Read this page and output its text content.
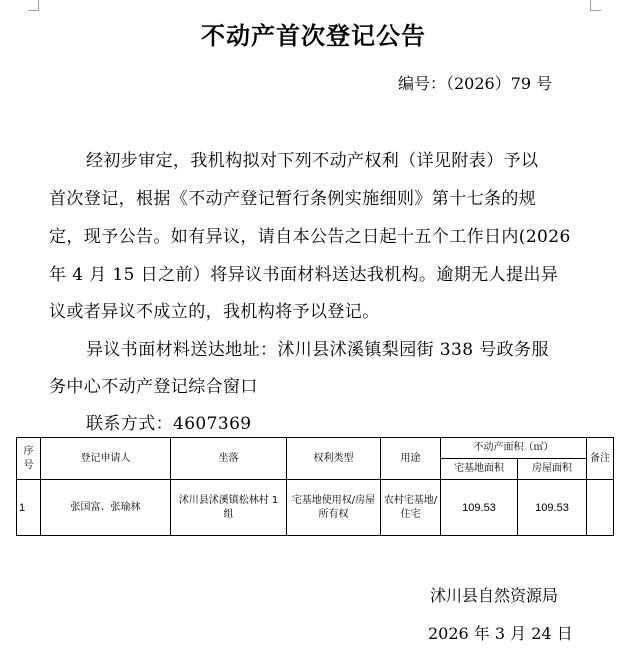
不动产首次登记公告
编号：（2026）79 号
经初步审定，我机构拟对下列不动产权利（详见附表）予以
首次登记，根据《不动产登记暂行条例实施细则》第十七条的规
定，现予公告。如有异议，请自本公告之日起十五个工作日内(2026
年 4 月 15 日之前）将异议书面材料送达我机构。逾期无人提出异
议或者异议不成立的，我机构将予以登记。
异议书面材料送达地址：沭川县沭溪镇梨园街 338 号政务服
务中心不动产登记综合窗口
联系方式：4607369
序号	登记申请人	坐落	权利类型	用途	不动产面积（㎡）		备注
					宅基地面积	房屋面积	
1	张国富、张瑜林	沭川县沭溪镇松林村 1 组	宅基地使用权/房屋所有权	农村宅基地/住宅	109.53	109.53	
沭川县自然资源局
2026 年 3 月 24 日
